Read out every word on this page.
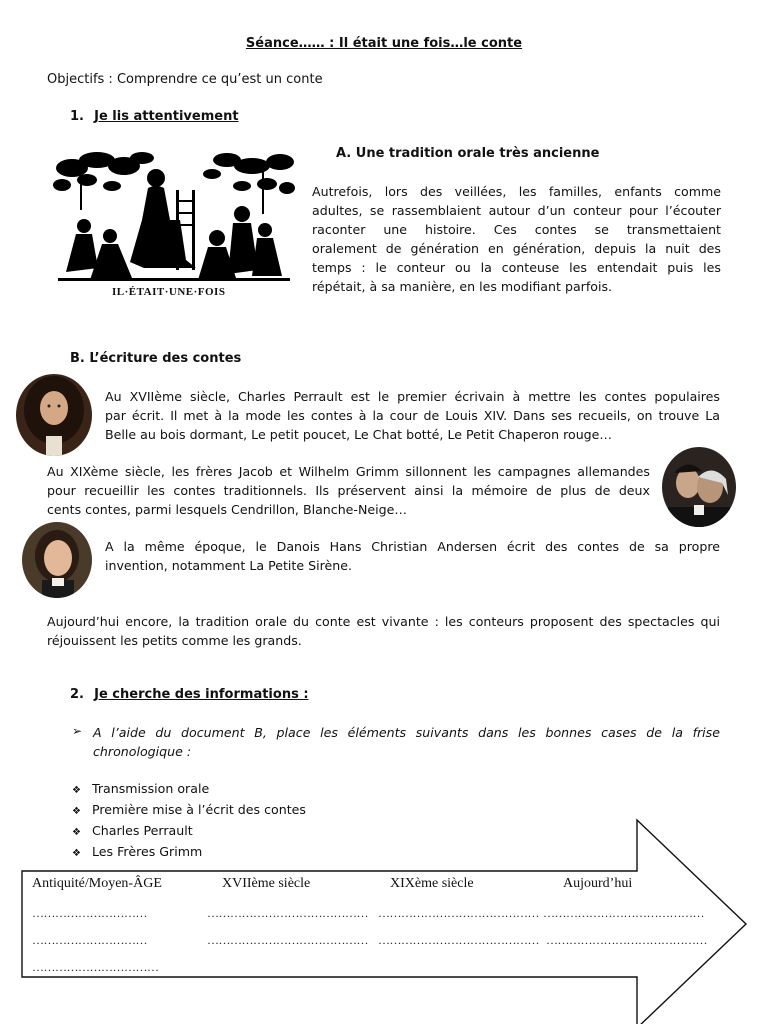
Séance…… : Il était une fois…le conte
Objectifs : Comprendre ce qu’est un conte
1. Je lis attentivement
IL·ÉTAIT·UNE·FOIS
A. Une tradition orale très ancienne
Autrefois, lors des veillées, les familles, enfants comme
adultes, se rassemblaient autour d’un conteur pour l’écouter
raconter une histoire. Ces contes se transmettaient
oralement de génération en génération, depuis la nuit des
temps : le conteur ou la conteuse les entendait puis les
répétait, à sa manière, en les modifiant parfois.
B. L’écriture des contes
Au XVIIème siècle, Charles Perrault est le premier écrivain à mettre les contes populaires
par écrit. Il met à la mode les contes à la cour de Louis XIV. Dans ses recueils, on trouve La
Belle au bois dormant, Le petit poucet, Le Chat botté, Le Petit Chaperon rouge…
Au XIXème siècle, les frères Jacob et Wilhelm Grimm sillonnent les campagnes allemandes
pour recueillir les contes traditionnels. Ils préservent ainsi la mémoire de plus de deux
cents contes, parmi lesquels Cendrillon, Blanche-Neige…
A la même époque, le Danois Hans Christian Andersen écrit des contes de sa propre
invention, notamment La Petite Sirène.
Aujourd’hui encore, la tradition orale du conte est vivante : les conteurs proposent des spectacles qui
réjouissent les petits comme les grands.
2. Je cherche des informations :
➢ A l’aide du document B, place les éléments suivants dans les bonnes cases de la frise
chronologique :
❖ Transmission orale
❖ Première mise à l’écrit des contes
❖ Charles Perrault
❖ Les Frères Grimm
Antiquité/Moyen-ÂGE	XVIIème siècle	XIXème siècle	Aujourd’hui
…………………………	…………………………………… …………………………………… ……………………………………
…………………………	…………………………………… …………………………………… ……………………………………
……………………………
